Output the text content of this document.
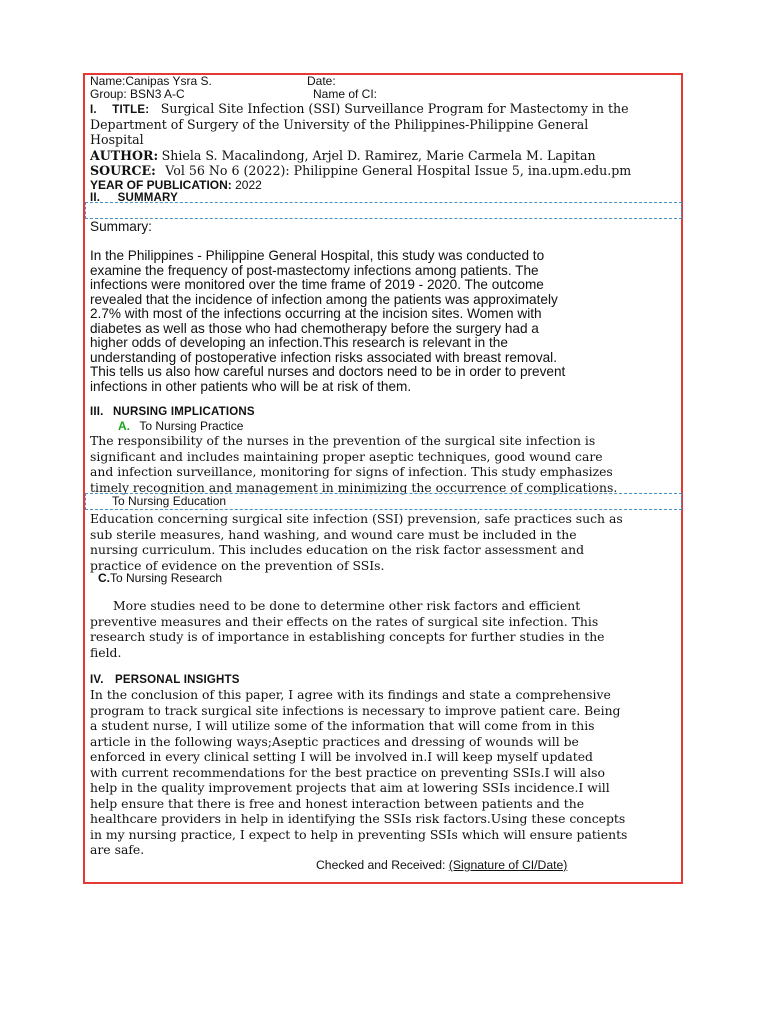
Name:Canipas Ysra S.	Date:
Group: BSN3 A-C	Name of CI:
I. TITLE: Surgical Site Infection (SSI) Surveillance Program for Mastectomy in the
Department of Surgery of the University of the Philippines-Philippine General
Hospital
AUTHOR: Shiela S. Macalindong, Arjel D. Ramirez, Marie Carmela M. Lapitan
SOURCE: Vol 56 No 6 (2022): Philippine General Hospital Issue 5, ina.upm.edu.pm
YEAR OF PUBLICATION: 2022
II. SUMMARY
Summary:
In the Philippines - Philippine General Hospital, this study was conducted to
examine the frequency of post-mastectomy infections among patients. The
infections were monitored over the time frame of 2019 - 2020. The outcome
revealed that the incidence of infection among the patients was approximately
2.7% with most of the infections occurring at the incision sites. Women with
diabetes as well as those who had chemotherapy before the surgery had a
higher odds of developing an infection.This research is relevant in the
understanding of postoperative infection risks associated with breast removal.
This tells us also how careful nurses and doctors need to be in order to prevent
infections in other patients who will be at risk of them.
III. NURSING IMPLICATIONS
A. To Nursing Practice
The responsibility of the nurses in the prevention of the surgical site infection is
significant and includes maintaining proper aseptic techniques, good wound care
and infection surveillance, monitoring for signs of infection. This study emphasizes
timely recognition and management in minimizing the occurrence of complications.
To Nursing Education
Education concerning surgical site infection (SSI) prevension, safe practices such as
sub sterile measures, hand washing, and wound care must be included in the
nursing curriculum. This includes education on the risk factor assessment and
practice of evidence on the prevention of SSIs.
C.To Nursing Research
More studies need to be done to determine other risk factors and efficient
preventive measures and their effects on the rates of surgical site infection. This
research study is of importance in establishing concepts for further studies in the
field.
IV. PERSONAL INSIGHTS
In the conclusion of this paper, I agree with its findings and state a comprehensive
program to track surgical site infections is necessary to improve patient care. Being
a student nurse, I will utilize some of the information that will come from in this
article in the following ways;Aseptic practices and dressing of wounds will be
enforced in every clinical setting I will be involved in.I will keep myself updated
with current recommendations for the best practice on preventing SSIs.I will also
help in the quality improvement projects that aim at lowering SSIs incidence.I will
help ensure that there is free and honest interaction between patients and the
healthcare providers in help in identifying the SSIs risk factors.Using these concepts
in my nursing practice, I expect to help in preventing SSIs which will ensure patients
are safe.
Checked and Received: (Signature of CI/Date)
